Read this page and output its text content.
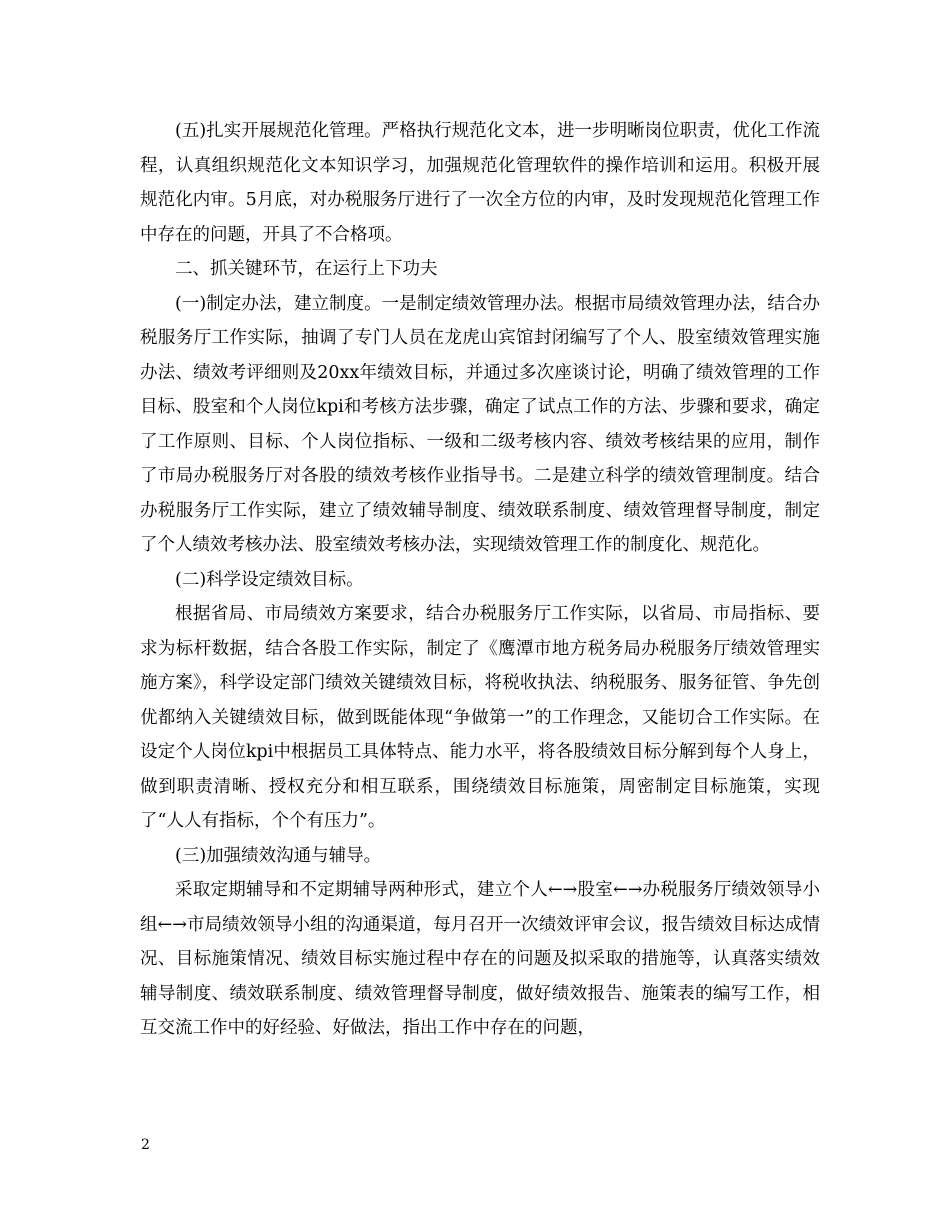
(五)扎实开展规范化管理。严格执行规范化文本，进一步明晰岗位职责，优化工作流程，认真组织规范化文本知识学习，加强规范化管理软件的操作培训和运用。积极开展规范化内审。5月底，对办税服务厅进行了一次全方位的内审，及时发现规范化管理工作中存在的问题，开具了不合格项。

二、抓关键环节，在运行上下功夫

(一)制定办法，建立制度。一是制定绩效管理办法。根据市局绩效管理办法，结合办税服务厅工作实际，抽调了专门人员在龙虎山宾馆封闭编写了个人、股室绩效管理实施办法、绩效考评细则及20xx年绩效目标，并通过多次座谈讨论，明确了绩效管理的工作目标、股室和个人岗位kpi和考核方法步骤，确定了试点工作的方法、步骤和要求，确定了工作原则、目标、个人岗位指标、一级和二级考核内容、绩效考核结果的应用，制作了市局办税服务厅对各股的绩效考核作业指导书。二是建立科学的绩效管理制度。结合办税服务厅工作实际，建立了绩效辅导制度、绩效联系制度、绩效管理督导制度，制定了个人绩效考核办法、股室绩效考核办法，实现绩效管理工作的制度化、规范化。

(二)科学设定绩效目标。

根据省局、市局绩效方案要求，结合办税服务厅工作实际，以省局、市局指标、要求为标杆数据，结合各股工作实际，制定了《鹰潭市地方税务局办税服务厅绩效管理实施方案》，科学设定部门绩效关键绩效目标，将税收执法、纳税服务、服务征管、争先创优都纳入关键绩效目标，做到既能体现“争做第一”的工作理念，又能切合工作实际。在设定个人岗位kpi中根据员工具体特点、能力水平，将各股绩效目标分解到每个人身上，做到职责清晰、授权充分和相互联系，围绕绩效目标施策，周密制定目标施策，实现了“人人有指标，个个有压力”。

(三)加强绩效沟通与辅导。

采取定期辅导和不定期辅导两种形式，建立个人←→股室←→办税服务厅绩效领导小组←→市局绩效领导小组的沟通渠道，每月召开一次绩效评审会议，报告绩效目标达成情况、目标施策情况、绩效目标实施过程中存在的问题及拟采取的措施等，认真落实绩效辅导制度、绩效联系制度、绩效管理督导制度，做好绩效报告、施策表的编写工作，相互交流工作中的好经验、好做法，指出工作中存在的问题，

2
